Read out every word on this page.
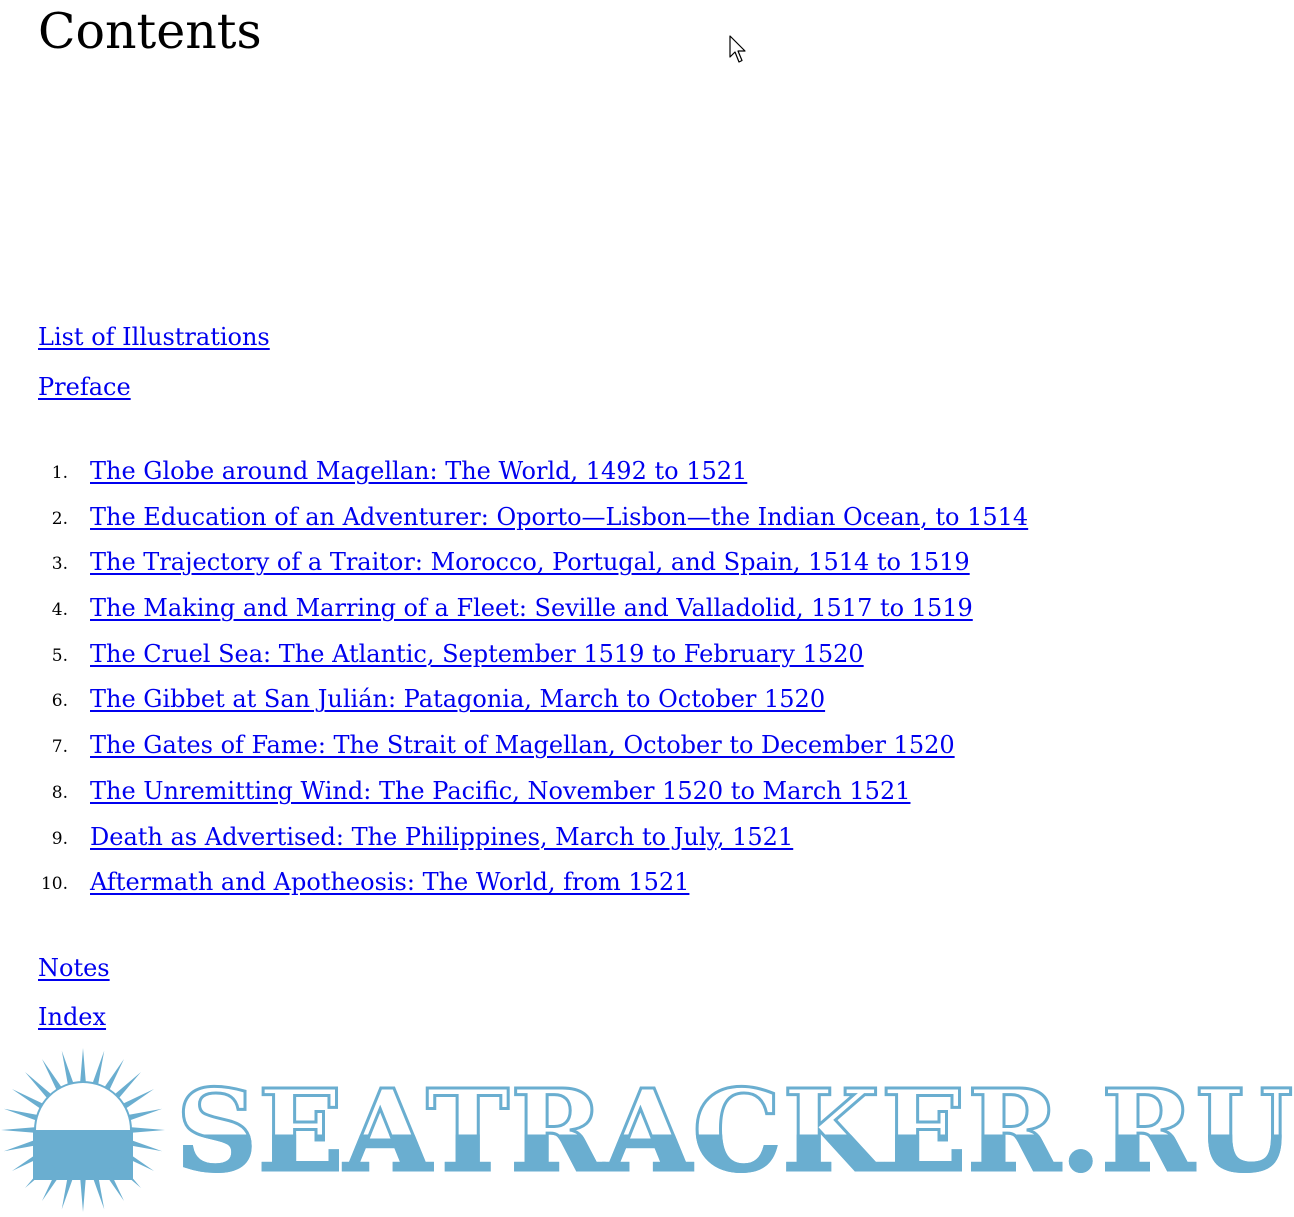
Contents
List of Illustrations
Preface
1. The Globe around Magellan: The World, 1492 to 1521
2. The Education of an Adventurer: Oporto—Lisbon—the Indian Ocean, to 1514
3. The Trajectory of a Traitor: Morocco, Portugal, and Spain, 1514 to 1519
4. The Making and Marring of a Fleet: Seville and Valladolid, 1517 to 1519
5. The Cruel Sea: The Atlantic, September 1519 to February 1520
6. The Gibbet at San Julián: Patagonia, March to October 1520
7. The Gates of Fame: The Strait of Magellan, October to December 1520
8. The Unremitting Wind: The Pacific, November 1520 to March 1521
9. Death as Advertised: The Philippines, March to July, 1521
10. Aftermath and Apotheosis: The World, from 1521
Notes
Index
SEATRACKER.RU
